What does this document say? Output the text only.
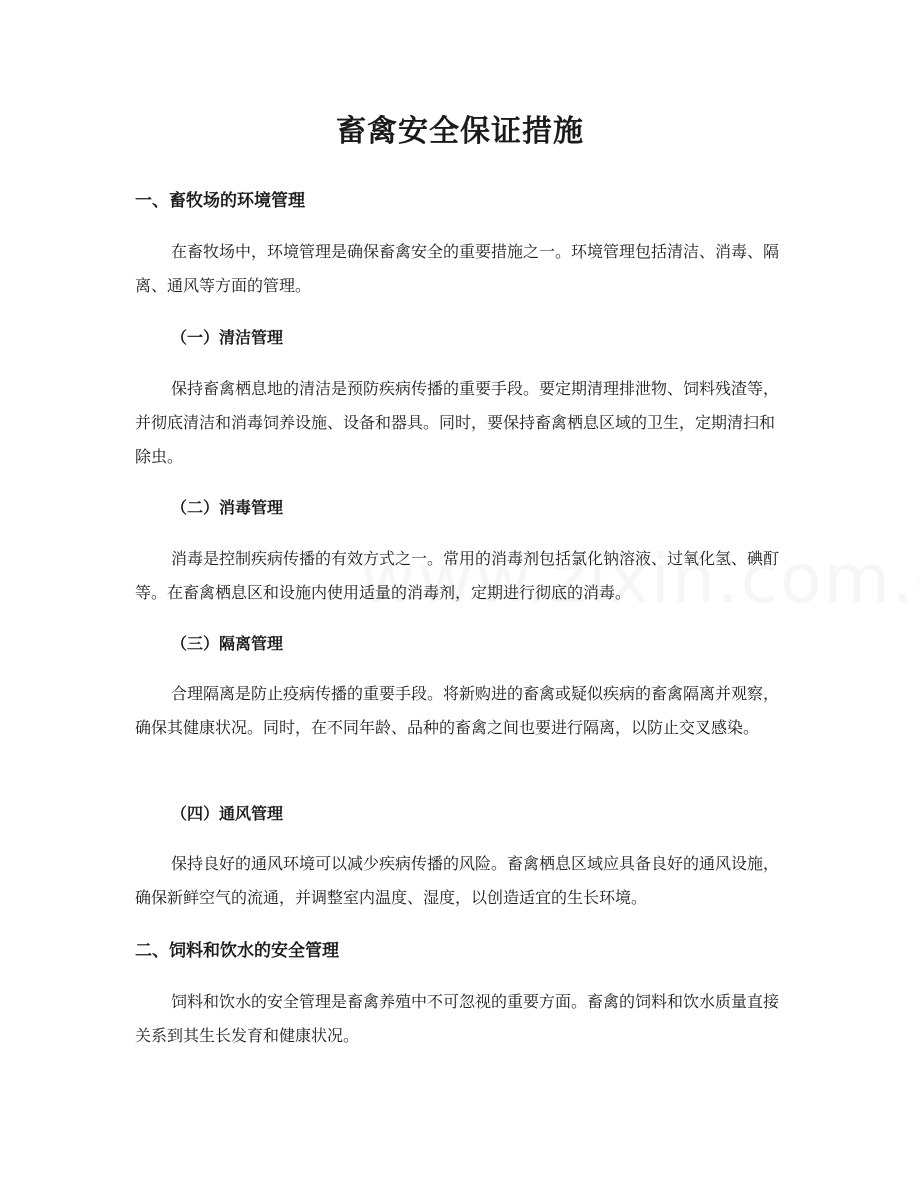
畜禽安全保证措施
一、畜牧场的环境管理

在畜牧场中，环境管理是确保畜禽安全的重要措施之一。环境管理包括清洁、消毒、隔离、通风等方面的管理。

（一）清洁管理

保持畜禽栖息地的清洁是预防疾病传播的重要手段。要定期清理排泄物、饲料残渣等，并彻底清洁和消毒饲养设施、设备和器具。同时，要保持畜禽栖息区域的卫生，定期清扫和除虫。

（二）消毒管理

消毒是控制疾病传播的有效方式之一。常用的消毒剂包括氯化钠溶液、过氧化氢、碘酊等。在畜禽栖息区和设施内使用适量的消毒剂，定期进行彻底的消毒。

（三）隔离管理

合理隔离是防止疫病传播的重要手段。将新购进的畜禽或疑似疾病的畜禽隔离并观察，确保其健康状况。同时，在不同年龄、品种的畜禽之间也要进行隔离，以防止交叉感染。

（四）通风管理

保持良好的通风环境可以减少疾病传播的风险。畜禽栖息区域应具备良好的通风设施，确保新鲜空气的流通，并调整室内温度、湿度，以创造适宜的生长环境。

二、饲料和饮水的安全管理

饲料和饮水的安全管理是畜禽养殖中不可忽视的重要方面。畜禽的饲料和饮水质量直接关系到其生长发育和健康状况。
